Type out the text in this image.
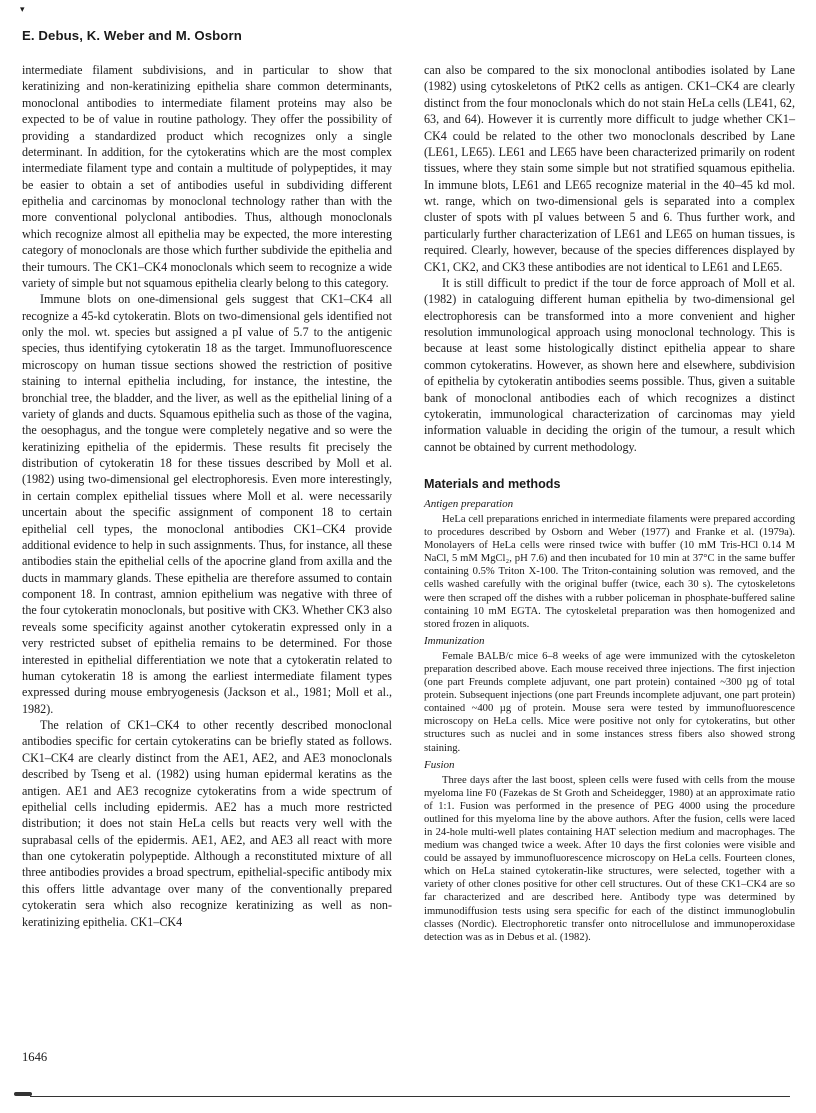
▾
E. Debus, K. Weber and M. Osborn

intermediate filament subdivisions, and in particular to show that keratinizing and non-keratinizing epithelia share common determinants, monoclonal antibodies to intermediate filament proteins may also be expected to be of value in routine pathology. They offer the possibility of providing a standardized product which recognizes only a single determinant. In addition, for the cytokeratins which are the most complex intermediate filament type and contain a multitude of polypeptides, it may be easier to obtain a set of antibodies useful in subdividing different epithelia and carcinomas by monoclonal technology rather than with the more conventional polyclonal antibodies. Thus, although monoclonals which recognize almost all epithelia may be expected, the more interesting category of monoclonals are those which further subdivide the epithelia and their tumours. The CK1–CK4 monoclonals which seem to recognize a wide variety of simple but not squamous epithelia clearly belong to this category.

Immune blots on one-dimensional gels suggest that CK1–CK4 all recognize a 45-kd cytokeratin. Blots on two-dimensional gels identified not only the mol. wt. species but assigned a pI value of 5.7 to the antigenic species, thus identifying cytokeratin 18 as the target. Immunofluorescence microscopy on human tissue sections showed the restriction of positive staining to internal epithelia including, for instance, the intestine, the bronchial tree, the bladder, and the liver, as well as the epithelial lining of a variety of glands and ducts. Squamous epithelia such as those of the vagina, the oesophagus, and the tongue were completely negative and so were the keratinizing epithelia of the epidermis. These results fit precisely the distribution of cytokeratin 18 for these tissues described by Moll et al. (1982) using two-dimensional gel electrophoresis. Even more interestingly, in certain complex epithelial tissues where Moll et al. were necessarily uncertain about the specific assignment of component 18 to certain epithelial cell types, the monoclonal antibodies CK1–CK4 provide additional evidence to help in such assignments. Thus, for instance, all these antibodies stain the epithelial cells of the apocrine gland from axilla and the ducts in mammary glands. These epithelia are therefore assumed to contain component 18. In contrast, amnion epithelium was negative with three of the four cytokeratin monoclonals, but positive with CK3. Whether CK3 also reveals some specificity against another cytokeratin expressed only in a very restricted subset of epithelia remains to be determined. For those interested in epithelial differentiation we note that a cytokeratin related to human cytokeratin 18 is among the earliest intermediate filament types expressed during mouse embryogenesis (Jackson et al., 1981; Moll et al., 1982).

The relation of CK1–CK4 to other recently described monoclonal antibodies specific for certain cytokeratins can be briefly stated as follows. CK1–CK4 are clearly distinct from the AE1, AE2, and AE3 monoclonals described by Tseng et al. (1982) using human epidermal keratins as the antigen. AE1 and AE3 recognize cytokeratins from a wide spectrum of epithelial cells including epidermis. AE2 has a much more restricted distribution; it does not stain HeLa cells but reacts very well with the suprabasal cells of the epidermis. AE1, AE2, and AE3 all react with more than one cytokeratin polypeptide. Although a reconstituted mixture of all three antibodies provides a broad spectrum, epithelial-specific antibody mix this offers little advantage over many of the conventionally prepared cytokeratin sera which also recognize keratinizing as well as non-keratinizing epithelia. CK1–CK4

can also be compared to the six monoclonal antibodies isolated by Lane (1982) using cytoskeletons of PtK2 cells as antigen. CK1–CK4 are clearly distinct from the four monoclonals which do not stain HeLa cells (LE41, 62, 63, and 64). However it is currently more difficult to judge whether CK1–CK4 could be related to the other two monoclonals described by Lane (LE61, LE65). LE61 and LE65 have been characterized primarily on rodent tissues, where they stain some simple but not stratified squamous epithelia. In immune blots, LE61 and LE65 recognize material in the 40–45 kd mol. wt. range, which on two-dimensional gels is separated into a complex cluster of spots with pI values between 5 and 6. Thus further work, and particularly further characterization of LE61 and LE65 on human tissues, is required. Clearly, however, because of the species differences displayed by CK1, CK2, and CK3 these antibodies are not identical to LE61 and LE65.

It is still difficult to predict if the tour de force approach of Moll et al. (1982) in cataloguing different human epithelia by two-dimensional gel electrophoresis can be transformed into a more convenient and higher resolution immunological approach using monoclonal technology. This is because at least some histologically distinct epithelia appear to share common cytokeratins. However, as shown here and elsewhere, subdivision of epithelia by cytokeratin antibodies seems possible. Thus, given a suitable bank of monoclonal antibodies each of which recognizes a distinct cytokeratin, immunological characterization of carcinomas may yield information valuable in deciding the origin of the tumour, a result which cannot be obtained by current methodology.

Materials and methods
Antigen preparation

HeLa cell preparations enriched in intermediate filaments were prepared according to procedures described by Osborn and Weber (1977) and Franke et al. (1979a). Monolayers of HeLa cells were rinsed twice with buffer (10 mM Tris-HCl 0.14 M NaCl, 5 mM MgCl₂, pH 7.6) and then incubated for 10 min at 37°C in the same buffer containing 0.5% Triton X-100. The Triton-containing solution was removed, and the cells washed carefully with the original buffer (twice, each 30 s). The cytoskeletons were then scraped off the dishes with a rubber policeman in phosphate-buffered saline containing 10 mM EGTA. The cytoskeletal preparation was then homogenized and stored frozen in aliquots.

Immunization

Female BALB/c mice 6–8 weeks of age were immunized with the cytoskeleton preparation described above. Each mouse received three injections. The first injection (one part Freunds complete adjuvant, one part protein) contained ~300 µg of total protein. Subsequent injections (one part Freunds incomplete adjuvant, one part protein) contained ~400 µg of protein. Mouse sera were tested by immunofluorescence microscopy on HeLa cells. Mice were positive not only for cytokeratins, but other structures such as nuclei and in some instances stress fibers also showed strong staining.

Fusion

Three days after the last boost, spleen cells were fused with cells from the mouse myeloma line F0 (Fazekas de St Groth and Scheidegger, 1980) at an approximate ratio of 1:1. Fusion was performed in the presence of PEG 4000 using the procedure outlined for this myeloma line by the above authors. After the fusion, cells were laced in 24-hole multi-well plates containing HAT selection medium and macrophages. The medium was changed twice a week. After 10 days the first colonies were visible and could be assayed by immunofluorescence microscopy on HeLa cells. Fourteen clones, which on HeLa stained cytokeratin-like structures, were selected, together with a variety of other clones positive for other cell structures. Out of these CK1–CK4 are so far characterized and are described here. Antibody type was determined by immunodiffusion tests using sera specific for each of the distinct immunoglobulin classes (Nordic). Electrophoretic transfer onto nitrocellulose and immunoperoxidase detection was as in Debus et al. (1982).

1646
